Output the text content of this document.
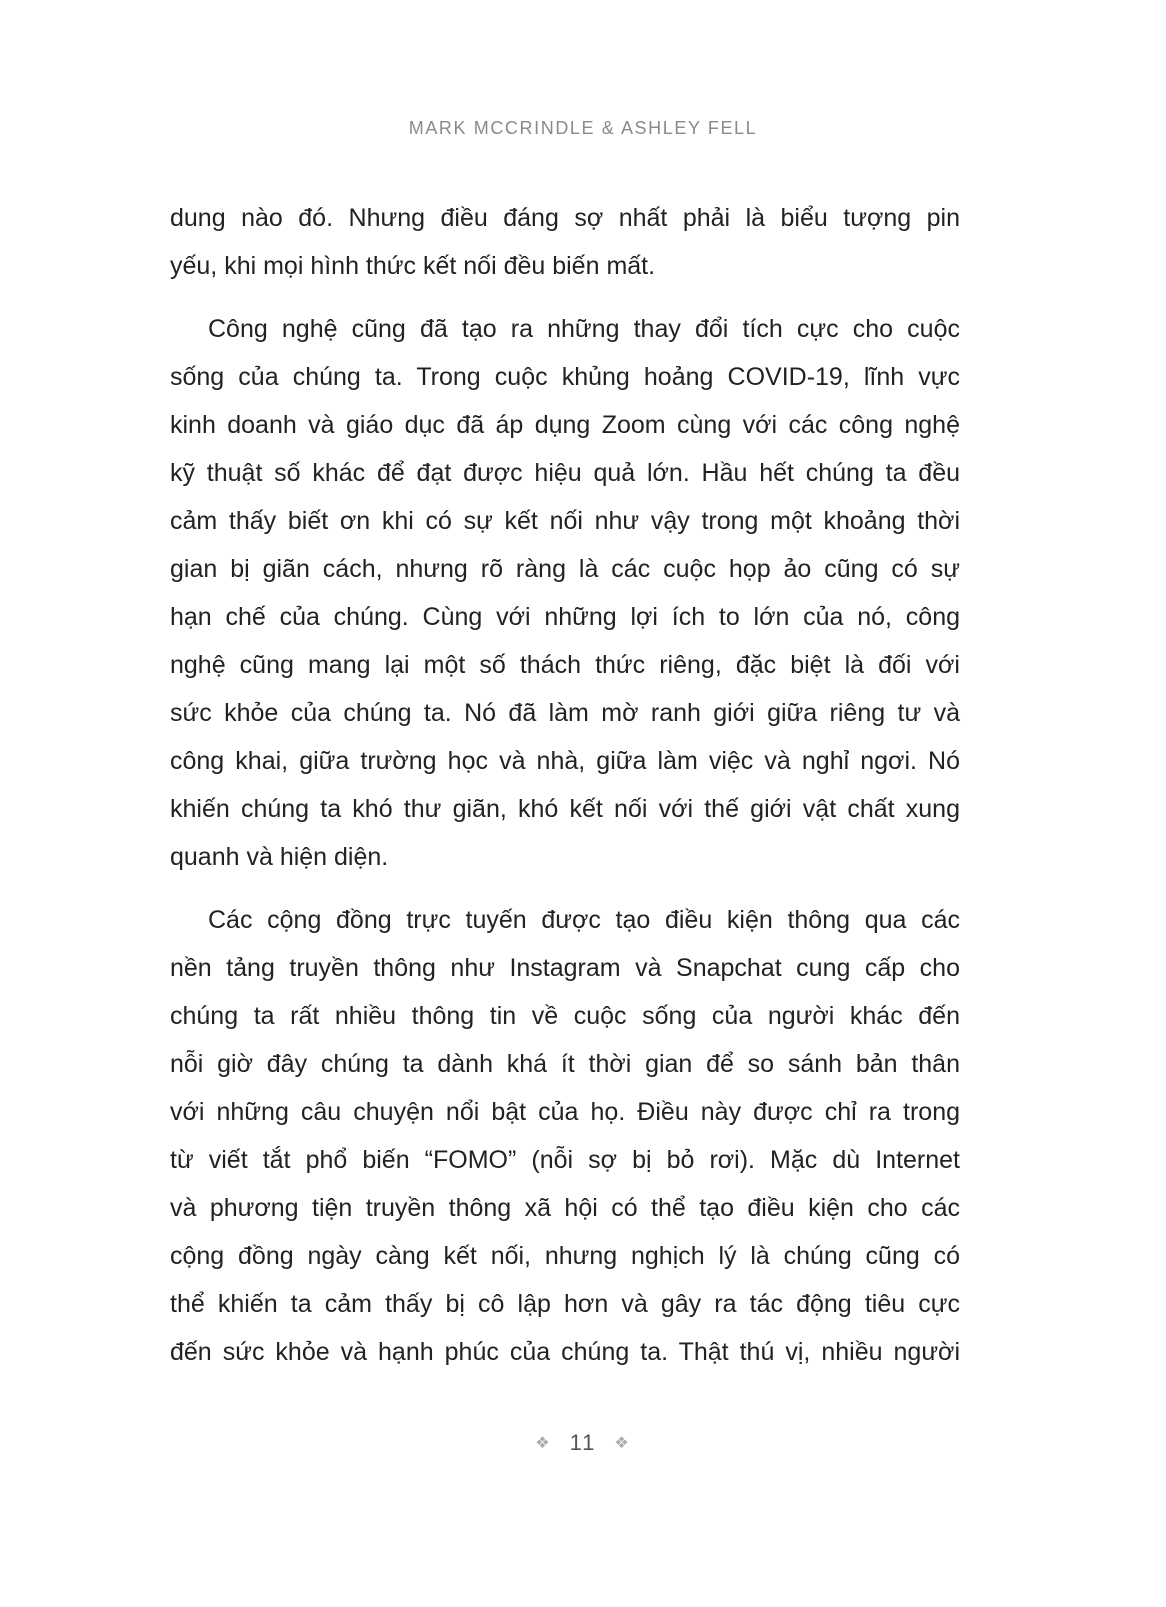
MARK MCCRINDLE & ASHLEY FELL
dung nào đó. Nhưng điều đáng sợ nhất phải là biểu tượng pin
yếu, khi mọi hình thức kết nối đều biến mất.
Công nghệ cũng đã tạo ra những thay đổi tích cực cho cuộc
sống của chúng ta. Trong cuộc khủng hoảng COVID-19, lĩnh vực
kinh doanh và giáo dục đã áp dụng Zoom cùng với các công nghệ
kỹ thuật số khác để đạt được hiệu quả lớn. Hầu hết chúng ta đều
cảm thấy biết ơn khi có sự kết nối như vậy trong một khoảng thời
gian bị giãn cách, nhưng rõ ràng là các cuộc họp ảo cũng có sự
hạn chế của chúng. Cùng với những lợi ích to lớn của nó, công
nghệ cũng mang lại một số thách thức riêng, đặc biệt là đối với
sức khỏe của chúng ta. Nó đã làm mờ ranh giới giữa riêng tư và
công khai, giữa trường học và nhà, giữa làm việc và nghỉ ngơi. Nó
khiến chúng ta khó thư giãn, khó kết nối với thế giới vật chất xung
quanh và hiện diện.
Các cộng đồng trực tuyến được tạo điều kiện thông qua các
nền tảng truyền thông như Instagram và Snapchat cung cấp cho
chúng ta rất nhiều thông tin về cuộc sống của người khác đến
nỗi giờ đây chúng ta dành khá ít thời gian để so sánh bản thân
với những câu chuyện nổi bật của họ. Điều này được chỉ ra trong
từ viết tắt phổ biến “FOMO” (nỗi sợ bị bỏ rơi). Mặc dù Internet
và phương tiện truyền thông xã hội có thể tạo điều kiện cho các
cộng đồng ngày càng kết nối, nhưng nghịch lý là chúng cũng có
thể khiến ta cảm thấy bị cô lập hơn và gây ra tác động tiêu cực
đến sức khỏe và hạnh phúc của chúng ta. Thật thú vị, nhiều người
❖ 11 ❖
